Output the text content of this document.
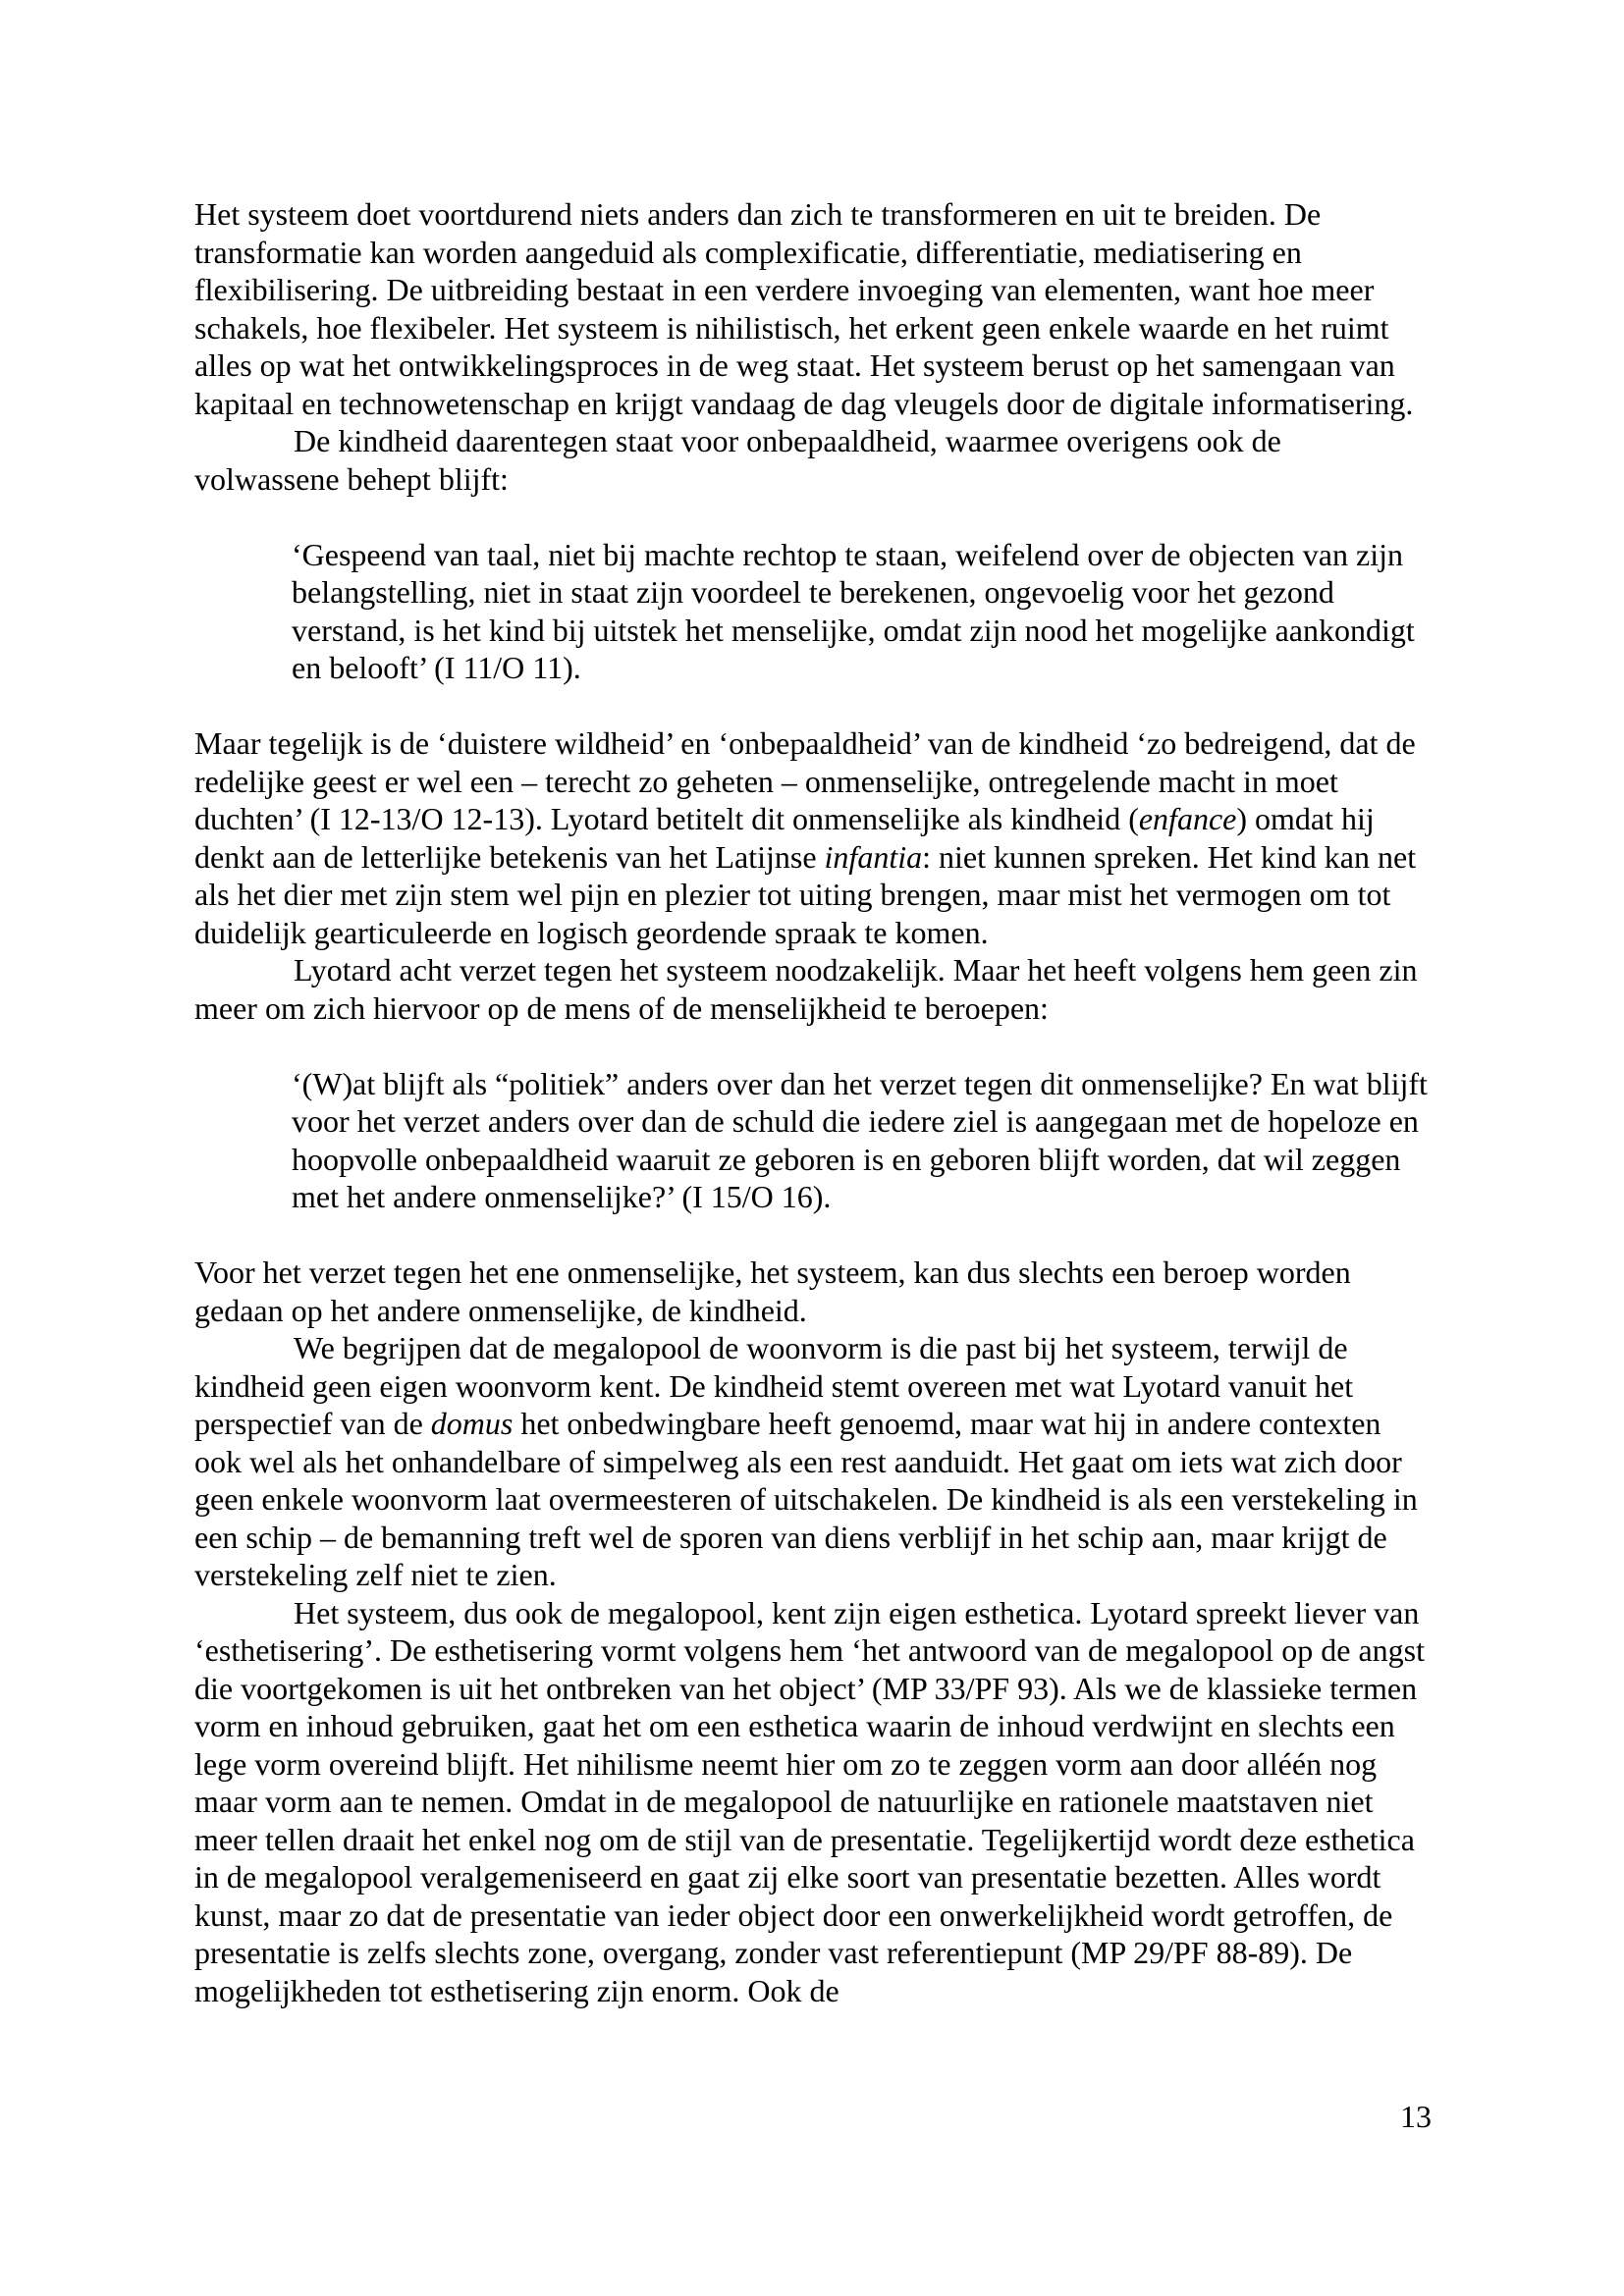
Het systeem doet voortdurend niets anders dan zich te transformeren en uit te breiden. De transformatie kan worden aangeduid als complexificatie, differentiatie, mediatisering en flexibilisering. De uitbreiding bestaat in een verdere invoeging van elementen, want hoe meer schakels, hoe flexibeler. Het systeem is nihilistisch, het erkent geen enkele waarde en het ruimt alles op wat het ontwikkelingsproces in de weg staat. Het systeem berust op het samengaan van kapitaal en technowetenschap en krijgt vandaag de dag vleugels door de digitale informatisering.

De kindheid daarentegen staat voor onbepaaldheid, waarmee overigens ook de volwassene behept blijft:

‘Gespeend van taal, niet bij machte rechtop te staan, weifelend over de objecten van zijn belangstelling, niet in staat zijn voordeel te berekenen, ongevoelig voor het gezond verstand, is het kind bij uitstek het menselijke, omdat zijn nood het mogelijke aankondigt en belooft’ (I 11/O 11).

Maar tegelijk is de ‘duistere wildheid’ en ‘onbepaaldheid’ van de kindheid ‘zo bedreigend, dat de redelijke geest er wel een – terecht zo geheten – onmenselijke, ontregelende macht in moet duchten’ (I 12-13/O 12-13). Lyotard betitelt dit onmenselijke als kindheid (enfance) omdat hij denkt aan de letterlijke betekenis van het Latijnse infantia: niet kunnen spreken. Het kind kan net als het dier met zijn stem wel pijn en plezier tot uiting brengen, maar mist het vermogen om tot duidelijk gearticuleerde en logisch geordende spraak te komen.

Lyotard acht verzet tegen het systeem noodzakelijk. Maar het heeft volgens hem geen zin meer om zich hiervoor op de mens of de menselijkheid te beroepen:

‘(W)at blijft als “politiek” anders over dan het verzet tegen dit onmenselijke? En wat blijft voor het verzet anders over dan de schuld die iedere ziel is aangegaan met de hopeloze en hoopvolle onbepaaldheid waaruit ze geboren is en geboren blijft worden, dat wil zeggen met het andere onmenselijke?’ (I 15/O 16).

Voor het verzet tegen het ene onmenselijke, het systeem, kan dus slechts een beroep worden gedaan op het andere onmenselijke, de kindheid.

We begrijpen dat de megalopool de woonvorm is die past bij het systeem, terwijl de kindheid geen eigen woonvorm kent. De kindheid stemt overeen met wat Lyotard vanuit het perspectief van de domus het onbedwingbare heeft genoemd, maar wat hij in andere contexten ook wel als het onhandelbare of simpelweg als een rest aanduidt. Het gaat om iets wat zich door geen enkele woonvorm laat overmeesteren of uitschakelen. De kindheid is als een verstekeling in een schip – de bemanning treft wel de sporen van diens verblijf in het schip aan, maar krijgt de verstekeling zelf niet te zien.

Het systeem, dus ook de megalopool, kent zijn eigen esthetica. Lyotard spreekt liever van ‘esthetisering’. De esthetisering vormt volgens hem ‘het antwoord van de megalopool op de angst die voortgekomen is uit het ontbreken van het object’ (MP 33/PF 93). Als we de klassieke termen vorm en inhoud gebruiken, gaat het om een esthetica waarin de inhoud verdwijnt en slechts een lege vorm overeind blijft. Het nihilisme neemt hier om zo te zeggen vorm aan door alléén nog maar vorm aan te nemen. Omdat in de megalopool de natuurlijke en rationele maatstaven niet meer tellen draait het enkel nog om de stijl van de presentatie. Tegelijkertijd wordt deze esthetica in de megalopool veralgemeniseerd en gaat zij elke soort van presentatie bezetten. Alles wordt kunst, maar zo dat de presentatie van ieder object door een onwerkelijkheid wordt getroffen, de presentatie is zelfs slechts zone, overgang, zonder vast referentiepunt (MP 29/PF 88-89). De mogelijkheden tot esthetisering zijn enorm. Ook de

13
